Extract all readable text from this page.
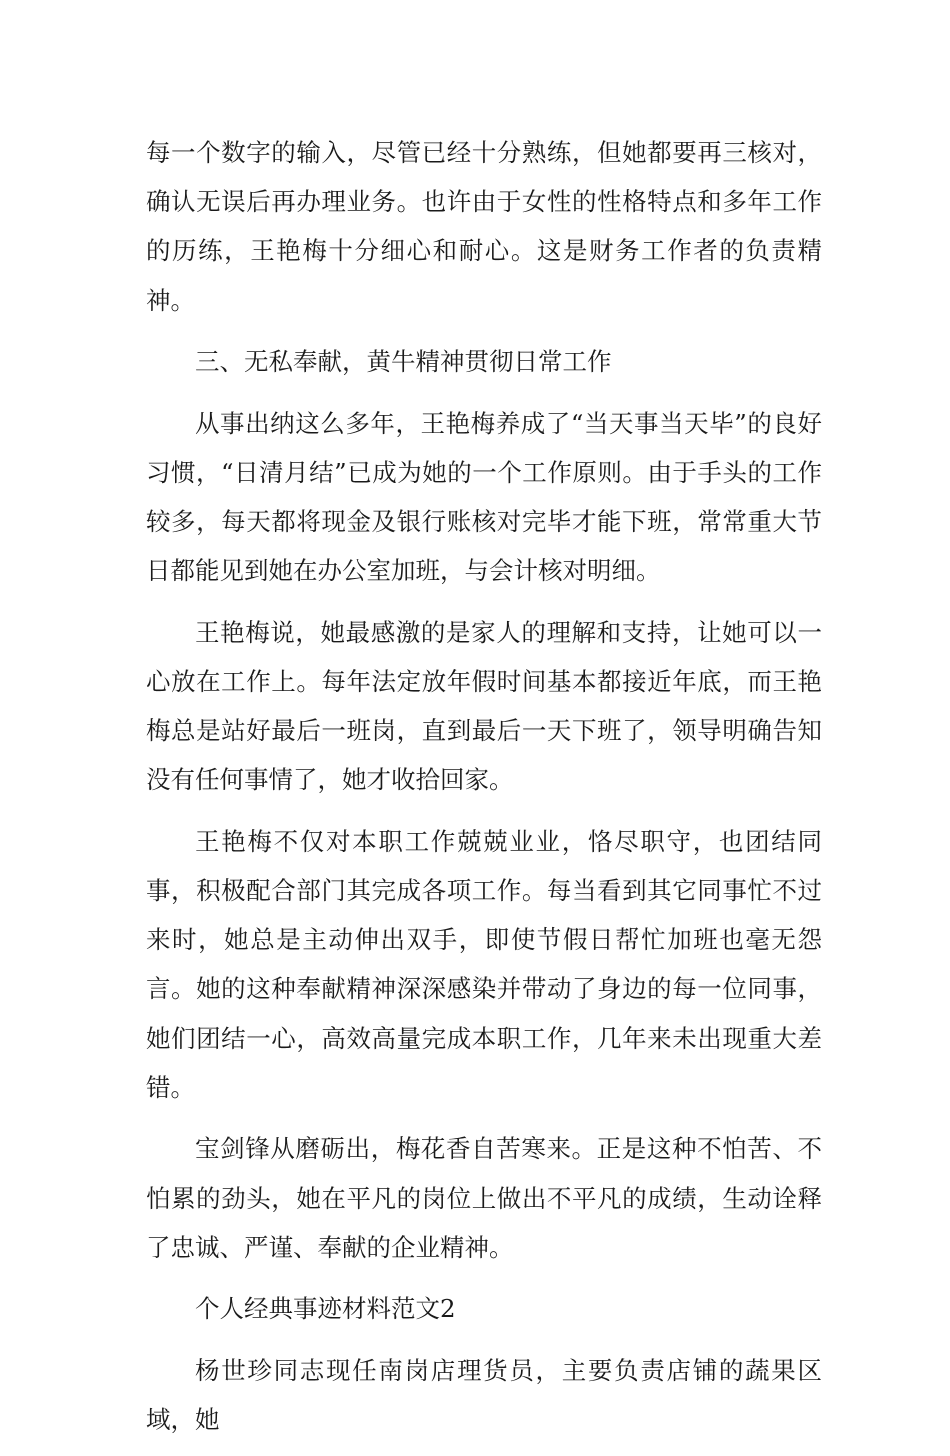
每一个数字的输入，尽管已经十分熟练，但她都要再三核对，确认无误后再办理业务。也许由于女性的性格特点和多年工作的历练，王艳梅十分细心和耐心。这是财务工作者的负责精神。

三、无私奉献，黄牛精神贯彻日常工作

从事出纳这么多年，王艳梅养成了“当天事当天毕”的良好习惯，“日清月结”已成为她的一个工作原则。由于手头的工作较多，每天都将现金及银行账核对完毕才能下班，常常重大节日都能见到她在办公室加班，与会计核对明细。

王艳梅说，她最感激的是家人的理解和支持，让她可以一心放在工作上。每年法定放年假时间基本都接近年底，而王艳梅总是站好最后一班岗，直到最后一天下班了，领导明确告知没有任何事情了，她才收拾回家。

王艳梅不仅对本职工作兢兢业业，恪尽职守，也团结同事，积极配合部门其完成各项工作。每当看到其它同事忙不过来时，她总是主动伸出双手，即使节假日帮忙加班也毫无怨言。她的这种奉献精神深深感染并带动了身边的每一位同事，她们团结一心，高效高量完成本职工作，几年来未出现重大差错。

宝剑锋从磨砺出，梅花香自苦寒来。正是这种不怕苦、不怕累的劲头，她在平凡的岗位上做出不平凡的成绩，生动诠释了忠诚、严谨、奉献的企业精神。

个人经典事迹材料范文2

杨世珍同志现任南岗店理货员，主要负责店铺的蔬果区域，她
